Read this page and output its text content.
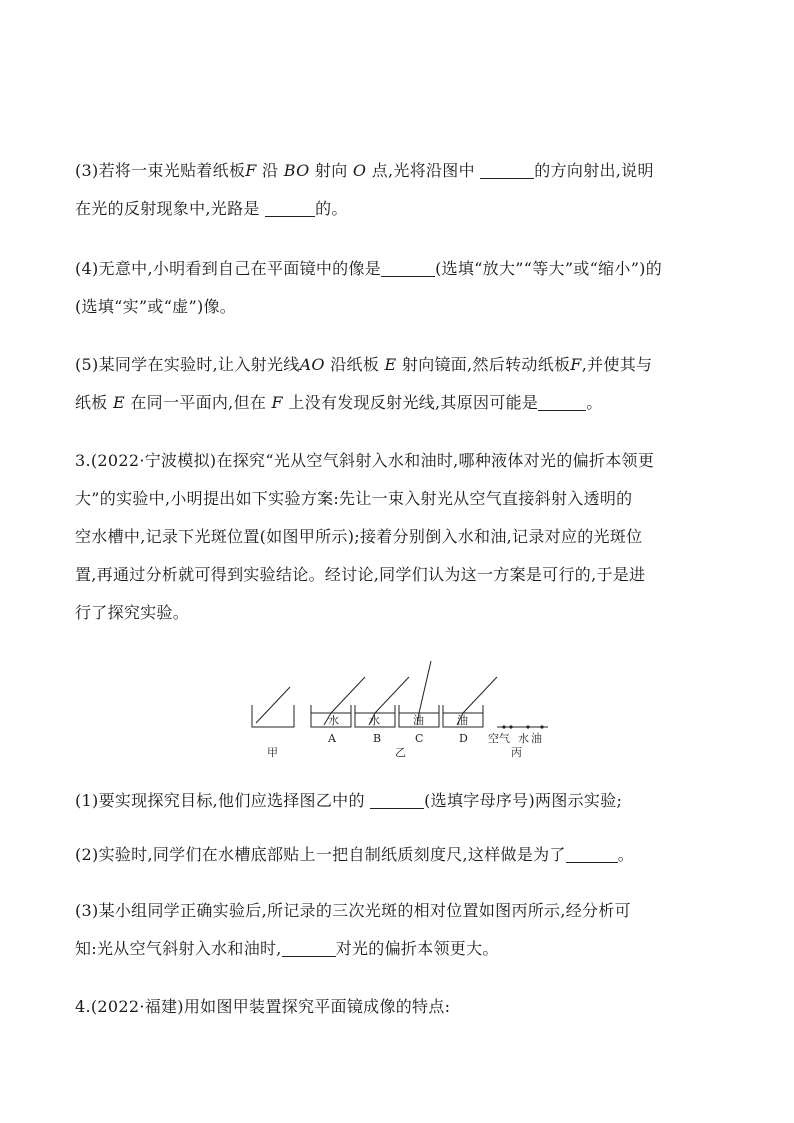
(3)若将一束光贴着纸板F 沿 BO 射向 O 点,光将沿图中	的方向射出,说明
在光的反射现象中,光路是	的。
(4)无意中,小明看到自己在平面镜中的像是	(选填“放大”“等大”或“缩小”)的
(选填“实”或“虚”)像。
(5)某同学在实验时,让入射光线AO 沿纸板 E 射向镜面,然后转动纸板F,并使其与
纸板 E 在同一平面内,但在 F 上没有发现反射光线,其原因可能是	。
3.(2022·宁波模拟)在探究“光从空气斜射入水和油时,哪种液体对光的偏折本领更
大”的实验中,小明提出如下实验方案:先让一束入射光从空气直接斜射入透明的
空水槽中,记录下光斑位置(如图甲所示);接着分别倒入水和油,记录对应的光斑位
置,再通过分析就可得到实验结论。经讨论,同学们认为这一方案是可行的,于是进
行了探究实验。
水	水	油	油
A	B	C	D 空气 水 油
甲	乙	丙
(1)要实现探究目标,他们应选择图乙中的	(选填字母序号)两图示实验;
(2)实验时,同学们在水槽底部贴上一把自制纸质刻度尺,这样做是为了	。
(3)某小组同学正确实验后,所记录的三次光斑的相对位置如图丙所示,经分析可
知:光从空气斜射入水和油时,	对光的偏折本领更大。
4.(2022·福建)用如图甲装置探究平面镜成像的特点:
